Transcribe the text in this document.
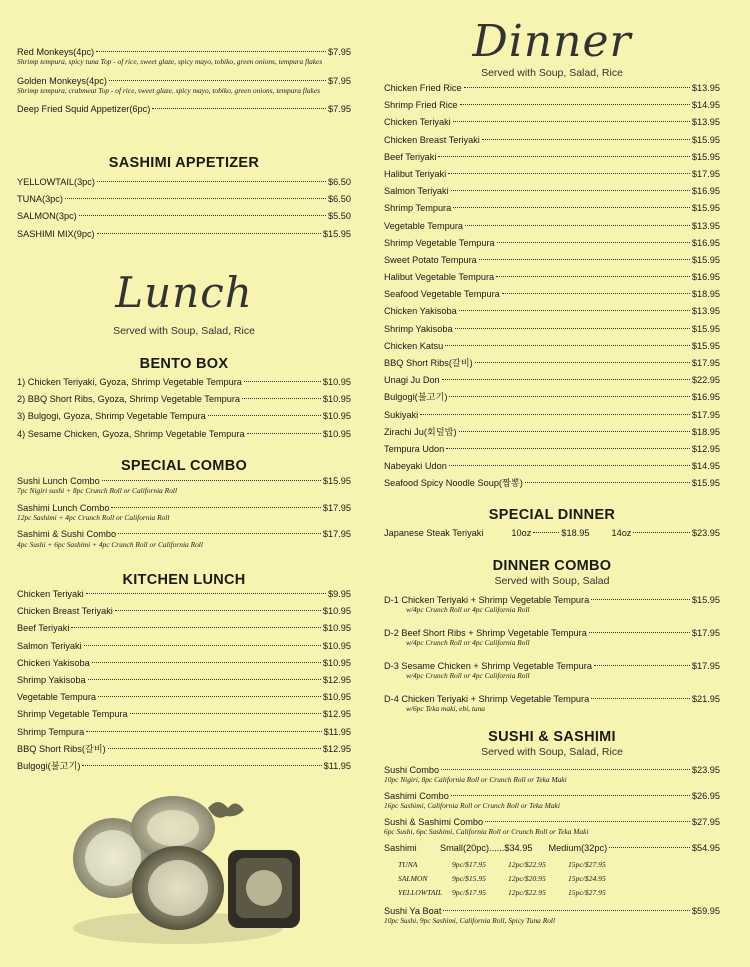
Red Monkeys(4pc)	$7.95
Shrimp tempura, spicy tuna Top - of rice, sweet glaze, spicy mayo, tobiko, green onions, tempura flakes
Golden Monkeys(4pc)	$7.95
Shrimp tempura, crabmeat Top - of rice, sweet glaze, spicy mayo, tobiko, green onions, tempura flakes
Deep Fried Squid Appetizer(6pc)	$7.95
SASHIMI APPETIZER
YELLOWTAIL(3pc)	$6.50
TUNA(3pc)	$6.50
SALMON(3pc)	$5.50
SASHIMI MIX(9pc)	$15.95
Lunch
Served with Soup, Salad, Rice
BENTO BOX
1) Chicken Teriyaki, Gyoza, Shrimp Vegetable Tempura	$10.95
2) BBQ Short Ribs, Gyoza, Shrimp Vegetable Tempura	$10.95
3) Bulgogi, Gyoza, Shrimp Vegetable Tempura	$10.95
4) Sesame Chicken, Gyoza, Shrimp Vegetable Tempura	$10.95
SPECIAL COMBO
Sushi Lunch Combo	$15.95
7pc Nigiri sushi + 8pc Crunch Roll or California Roll
Sashimi Lunch Combo	$17.95
12pc Sashimi + 4pc Crunch Roll or California Roll
Sashimi & Sushi Combo	$17.95
4pc Sushi + 6pc Sashimi + 4pc Crunch Roll or California Roll
KITCHEN LUNCH
Chicken Teriyaki	$9.95
Chicken Breast Teriyaki	$10.95
Beef Teriyaki	$10.95
Salmon Teriyaki	$10.95
Chicken Yakisoba	$10.95
Shrimp Yakisoba	$12.95
Vegetable Tempura	$10.95
Shrimp Vegetable Tempura	$12.95
Shrimp Tempura	$11.95
BBQ Short Ribs(갈비)	$12.95
Bulgogi(불고기)	$11.95
Dinner
Served with Soup, Salad, Rice
Chicken Fried Rice	$13.95
Shrimp Fried Rice	$14.95
Chicken Teriyaki	$13.95
Chicken Breast Teriyaki	$15.95
Beef Teriyaki	$15.95
Halibut Teriyaki	$17.95
Salmon Teriyaki	$16.95
Shrimp Tempura	$15.95
Vegetable Tempura	$13.95
Shrimp Vegetable Tempura	$16.95
Sweet Potato Tempura	$15.95
Halibut Vegetable Tempura	$16.95
Seafood Vegetable Tempura	$18.95
Chicken Yakisoba	$13.95
Shrimp Yakisoba	$15.95
Chicken Katsu	$15.95
BBQ Short Ribs(갈비)	$17.95
Unagi Ju Don	$22.95
Bulgogi(불고기)	$16.95
Sukiyaki	$17.95
Zirachi Ju(회덮밥)	$18.95
Tempura Udon	$12.95
Nabeyaki Udon	$14.95
Seafood Spicy Noodle Soup(짬뽕)	$15.95
SPECIAL DINNER
Japanese Steak Teriyaki	10oz	$18.95 14oz	$23.95
DINNER COMBO
Served with Soup, Salad
D-1 Chicken Teriyaki + Shrimp Vegetable Tempura	$15.95
w/4pc Crunch Roll or 4pc California Roll
D-2 Beef Short Ribs + Shrimp Vegetable Tempura	$17.95
w/4pc Crunch Roll or 4pc California Roll
D-3 Sesame Chicken + Shrimp Vegetable Tempura	$17.95
w/4pc Crunch Roll or 4pc California Roll
D-4 Chicken Teriyaki + Shrimp Vegetable Tempura	$21.95
w/6pc Teka maki, ebi, tuna
SUSHI & SASHIMI
Served with Soup, Salad, Rice
Sushi Combo	$23.95
10pc Nigiri, 8pc California Roll or Crunch Roll or Teka Maki
Sashimi Combo	$26.95
16pc Sashimi, California Roll or Crunch Roll or Teka Maki
Sushi & Sashimi Combo	$27.95
6pc Sushi, 6pc Sashimi, California Roll or Crunch Roll or Teka Maki
Sashimi	Small(20pc)......$34.95 Medium(32pc)	$54.95
TUNA	9pc/$17.95	12pc/$22.95	15pc/$27.95
SALMON	9pc/$15.95	12pc/$20.95	15pc/$24.95
YELLOWTAIL	9pc/$17.95	12pc/$22.95	15pc/$27.95
Sushi Ya Boat	$59.95
10pc Sushi, 9pc Sashimi, California Roll, Spicy Tuna Roll
